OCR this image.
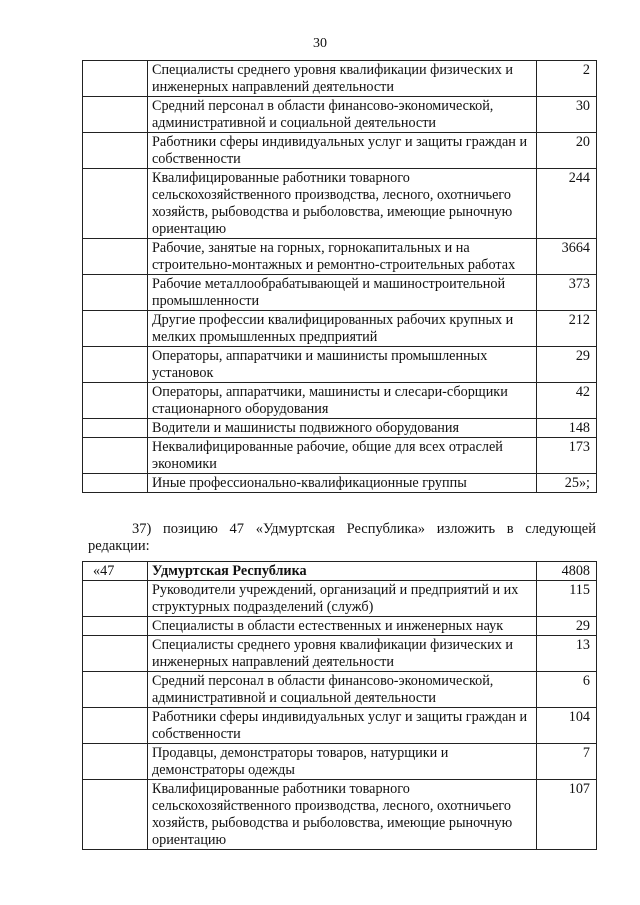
30
	Специалисты среднего уровня квалификации физических и инженерных направлений деятельности	2
	Средний персонал в области финансово-экономической, административной и социальной деятельности	30
	Работники сферы индивидуальных услуг и защиты граждан и собственности	20
	Квалифицированные работники товарного сельскохозяйственного производства, лесного, охотничьего хозяйств, рыбоводства и рыболовства, имеющие рыночную ориентацию	244
	Рабочие, занятые на горных, горнокапитальных и на строительно-монтажных и ремонтно-строительных работах	3664
	Рабочие металлообрабатывающей и машиностроительной промышленности	373
	Другие профессии квалифицированных рабочих крупных и мелких промышленных предприятий	212
	Операторы, аппаратчики и машинисты промышленных установок	29
	Операторы, аппаратчики, машинисты и слесари-сборщики стационарного оборудования	42
	Водители и машинисты подвижного оборудования	148
	Неквалифицированные рабочие, общие для всех отраслей экономики	173
	Иные профессионально-квалификационные группы	25»;
37) позицию 47 «Удмуртская Республика» изложить в следующей редакции:
«47	Удмуртская Республика	4808
	Руководители учреждений, организаций и предприятий и их структурных подразделений (служб)	115
	Специалисты в области естественных и инженерных наук	29
	Специалисты среднего уровня квалификации физических и инженерных направлений деятельности	13
	Средний персонал в области финансово-экономической, административной и социальной деятельности	6
	Работники сферы индивидуальных услуг и защиты граждан и собственности	104
	Продавцы, демонстраторы товаров, натурщики и демонстраторы одежды	7
	Квалифицированные работники товарного сельскохозяйственного производства, лесного, охотничьего хозяйств, рыбоводства и рыболовства, имеющие рыночную ориентацию	107
